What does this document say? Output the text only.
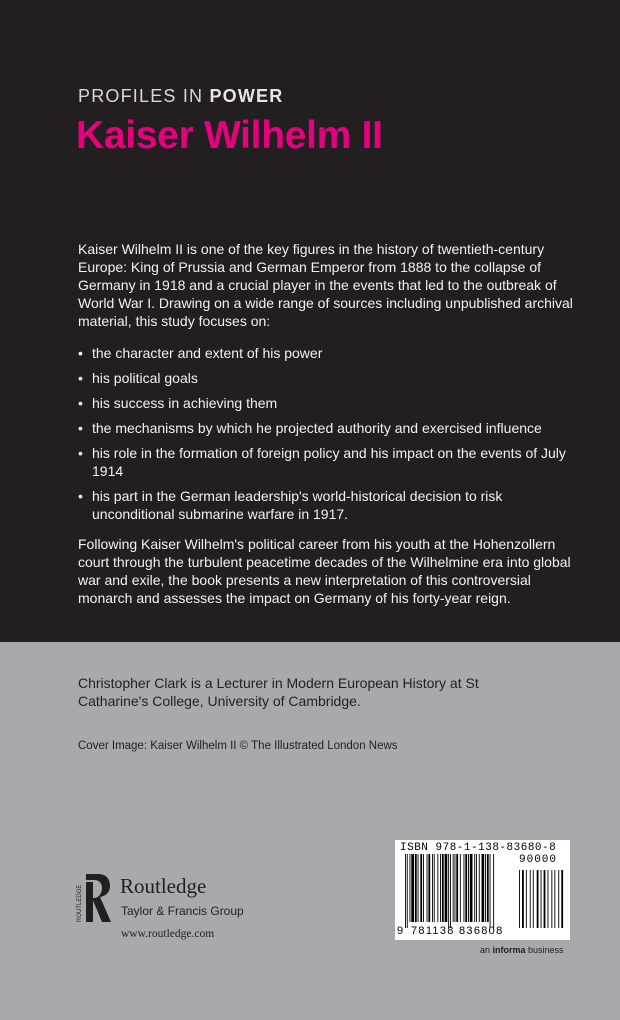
PROFILES IN POWER
Kaiser Wilhelm II

Kaiser Wilhelm II is one of the key figures in the history of twentieth-century Europe: King of Prussia and German Emperor from 1888 to the collapse of Germany in 1918 and a crucial player in the events that led to the outbreak of World War I. Drawing on a wide range of sources including unpublished archival material, this study focuses on:

• the character and extent of his power
• his political goals
• his success in achieving them
• the mechanisms by which he projected authority and exercised influence
• his role in the formation of foreign policy and his impact on the events of July 1914
• his part in the German leadership's world-historical decision to risk unconditional submarine warfare in 1917.

Following Kaiser Wilhelm's political career from his youth at the Hohenzollern court through the turbulent peacetime decades of the Wilhelmine era into global war and exile, the book presents a new interpretation of this controversial monarch and assesses the impact on Germany of his forty-year reign.

Christopher Clark is a Lecturer in Modern European History at St Catharine's College, University of Cambridge.
Cover Image: Kaiser Wilhelm II © The Illustrated London News
ROUTLEDGE Routledge
Taylor & Francis Group
www.routledge.com
ISBN 978-1-138-83680-8
90000
9 781138 836808
an informa business
